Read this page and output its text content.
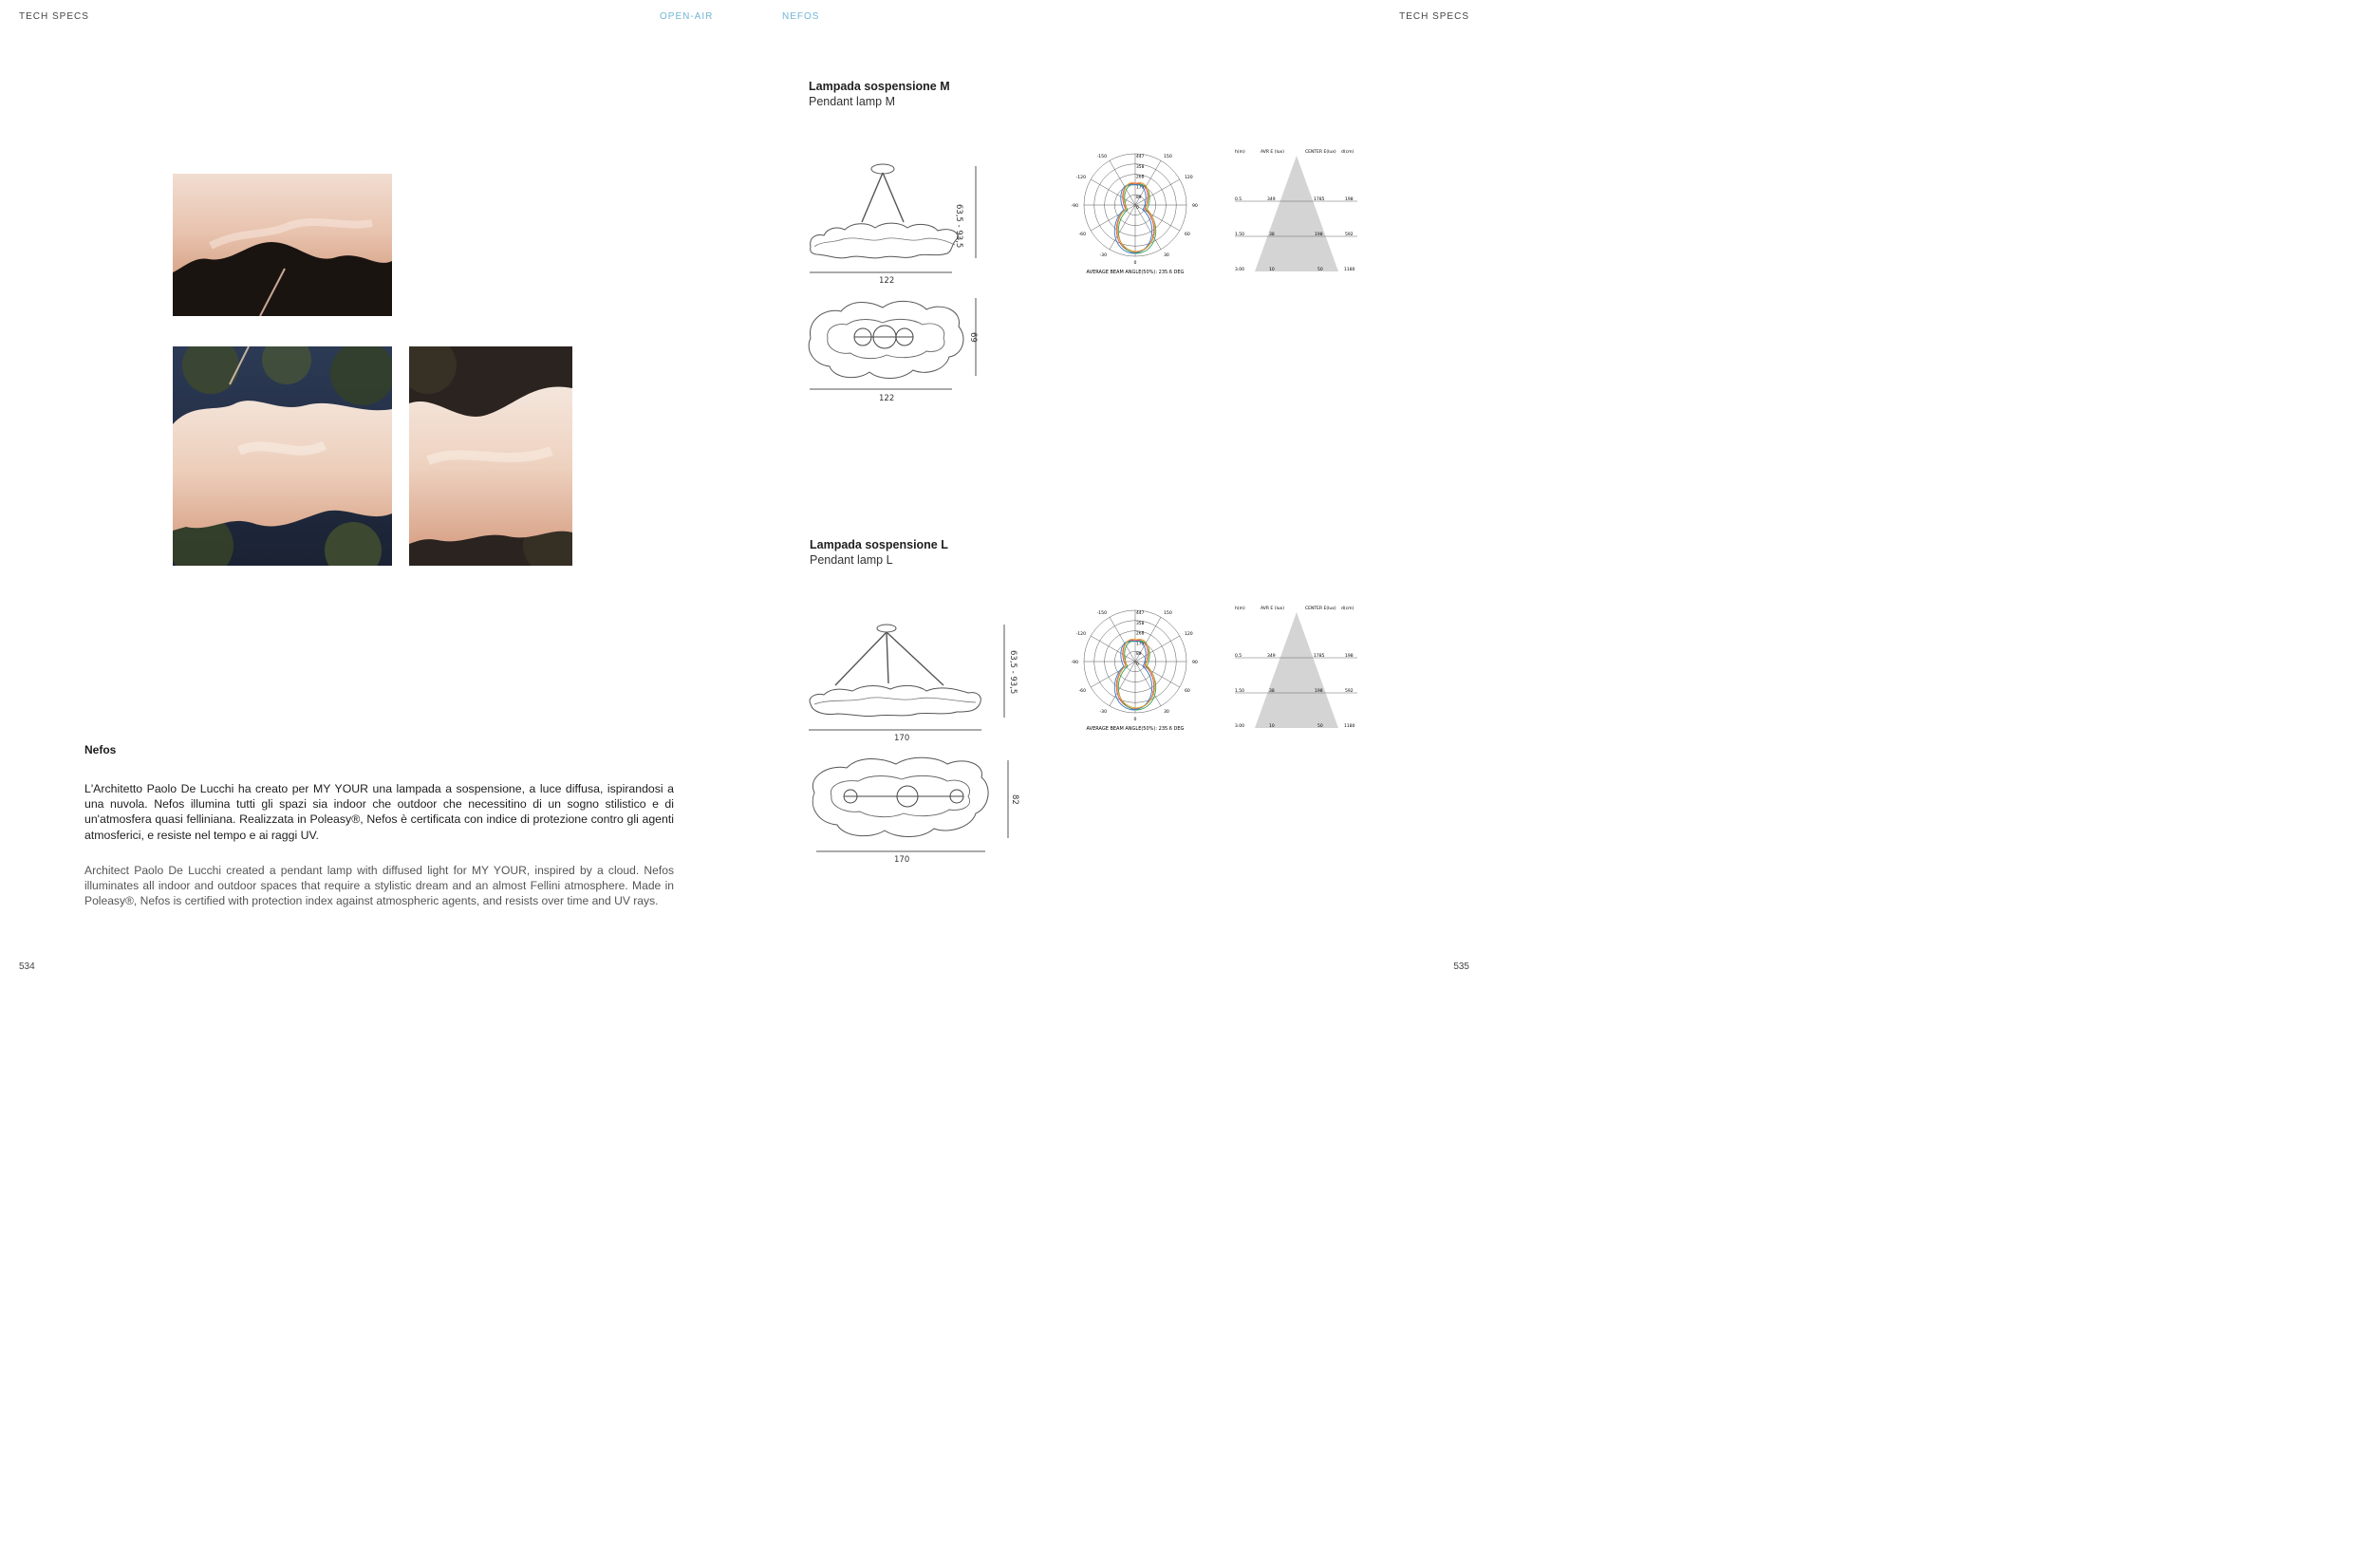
TECH SPECS	OPEN-AIR	NEFOS	TECH SPECS
Nefos
L'Architetto Paolo De Lucchi ha creato per MY YOUR una lampada a sospensione, a luce diffusa, ispirandosi a una nuvola. Nefos illumina tutti gli spazi sia indoor che outdoor che necessitino di un sogno stilistico e di un'atmosfera quasi felliniana. Realizzata in Poleasy®, Nefos è certificata con indice di protezione contro gli agenti atmosferici, e resiste nel tempo e ai raggi UV.
Architect Paolo De Lucchi created a pendant lamp with diffused light for MY YOUR, inspired by a cloud. Nefos illuminates all indoor and outdoor spaces that require a stylistic dream and an almost Fellini atmosphere. Made in Poleasy®, Nefos is certified with protection index against atmospheric agents, and resists over time and UV rays.
Lampada sospensione M
Pendant lamp M
63,5 - 93,5
122
69
122
447
358
268
179
89
0
-150	150
-120	120
-90	90
-60	60
-30	30
0
AVERAGE BEAM ANGLE(50%): 235.6 DEG
h(m)	AVR E (lux)	CENTER E(lux) d(cm)
0.5	349	1785	198
1.50	38	198	592
3.00	10	50	1180
Lampada sospensione L
Pendant lamp L
63,5 - 93,5
170
82
170
447
358
268
179
89
0
-150	150
-120	120
-90	90
-60	60
-30	30
0
AVERAGE BEAM ANGLE(50%): 235.6 DEG
h(m)	AVR E (lux)	CENTER E(lux) d(cm)
0.5	349	1785	198
1.50	38	198	592
3.00	10	50	1180
534	535
